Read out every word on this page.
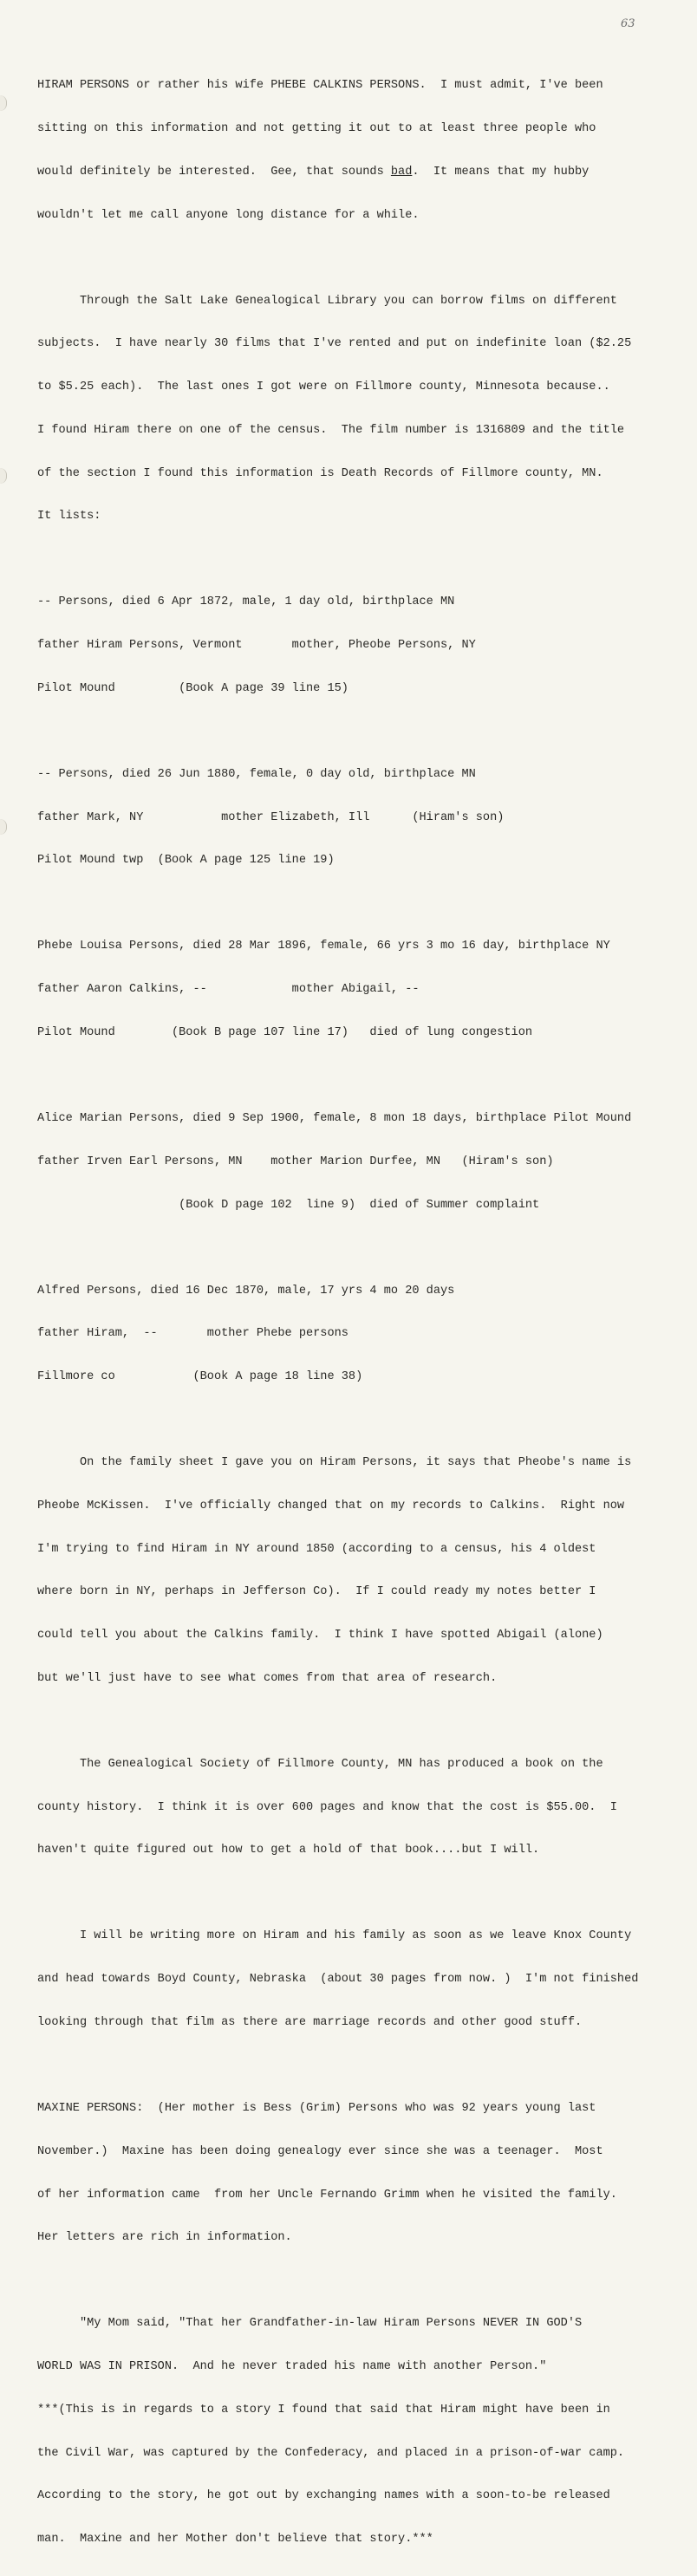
63

HIRAM PERSONS or rather his wife PHEBE CALKINS PERSONS.  I must admit, I've been

sitting on this information and not getting it out to at least three people who

would definitely be interested.  Gee, that sounds bad.  It means that my hubby

wouldn't let me call anyone long distance for a while.

Through the Salt Lake Genealogical Library you can borrow films on different

subjects.  I have nearly 30 films that I've rented and put on indefinite loan ($2.25

to $5.25 each).  The last ones I got were on Fillmore county, Minnesota because..

I found Hiram there on one of the census.  The film number is 1316809 and the title

of the section I found this information is Death Records of Fillmore county, MN.

It lists:

-- Persons, died 6 Apr 1872, male, 1 day old, birthplace MN

father Hiram Persons, Vermont       mother, Pheobe Persons, NY

Pilot Mound         (Book A page 39 line 15)

-- Persons, died 26 Jun 1880, female, 0 day old, birthplace MN

father Mark, NY           mother Elizabeth, Ill      (Hiram's son)

Pilot Mound twp  (Book A page 125 line 19)

Phebe Louisa Persons, died 28 Mar 1896, female, 66 yrs 3 mo 16 day, birthplace NY

father Aaron Calkins, --            mother Abigail, --

Pilot Mound        (Book B page 107 line 17)   died of lung congestion

Alice Marian Persons, died 9 Sep 1900, female, 8 mon 18 days, birthplace Pilot Mound

father Irven Earl Persons, MN    mother Marion Durfee, MN   (Hiram's son)

(Book D page 102  line 9)  died of Summer complaint

Alfred Persons, died 16 Dec 1870, male, 17 yrs 4 mo 20 days

father Hiram,  --       mother Phebe persons

Fillmore co           (Book A page 18 line 38)

On the family sheet I gave you on Hiram Persons, it says that Pheobe's name is

Pheobe McKissen.  I've officially changed that on my records to Calkins.  Right now

I'm trying to find Hiram in NY around 1850 (according to a census, his 4 oldest

where born in NY, perhaps in Jefferson Co).  If I could ready my notes better I

could tell you about the Calkins family.  I think I have spotted Abigail (alone)

but we'll just have to see what comes from that area of research.

The Genealogical Society of Fillmore County, MN has produced a book on the

county history.  I think it is over 600 pages and know that the cost is $55.00.  I

haven't quite figured out how to get a hold of that book....but I will.

I will be writing more on Hiram and his family as soon as we leave Knox County

and head towards Boyd County, Nebraska  (about 30 pages from now. )  I'm not finished

looking through that film as there are marriage records and other good stuff.

MAXINE PERSONS:  (Her mother is Bess (Grim) Persons who was 92 years young last

November.)  Maxine has been doing genealogy ever since she was a teenager.  Most

of her information came  from her Uncle Fernando Grimm when he visited the family.

Her letters are rich in information.

"My Mom said, "That her Grandfather-in-law Hiram Persons NEVER IN GOD'S

WORLD WAS IN PRISON.  And he never traded his name with another Person."

***(This is in regards to a story I found that said that Hiram might have been in

the Civil War, was captured by the Confederacy, and placed in a prison-of-war camp.

According to the story, he got out by exchanging names with a soon-to-be released

man.  Maxine and her Mother don't believe that story.***
